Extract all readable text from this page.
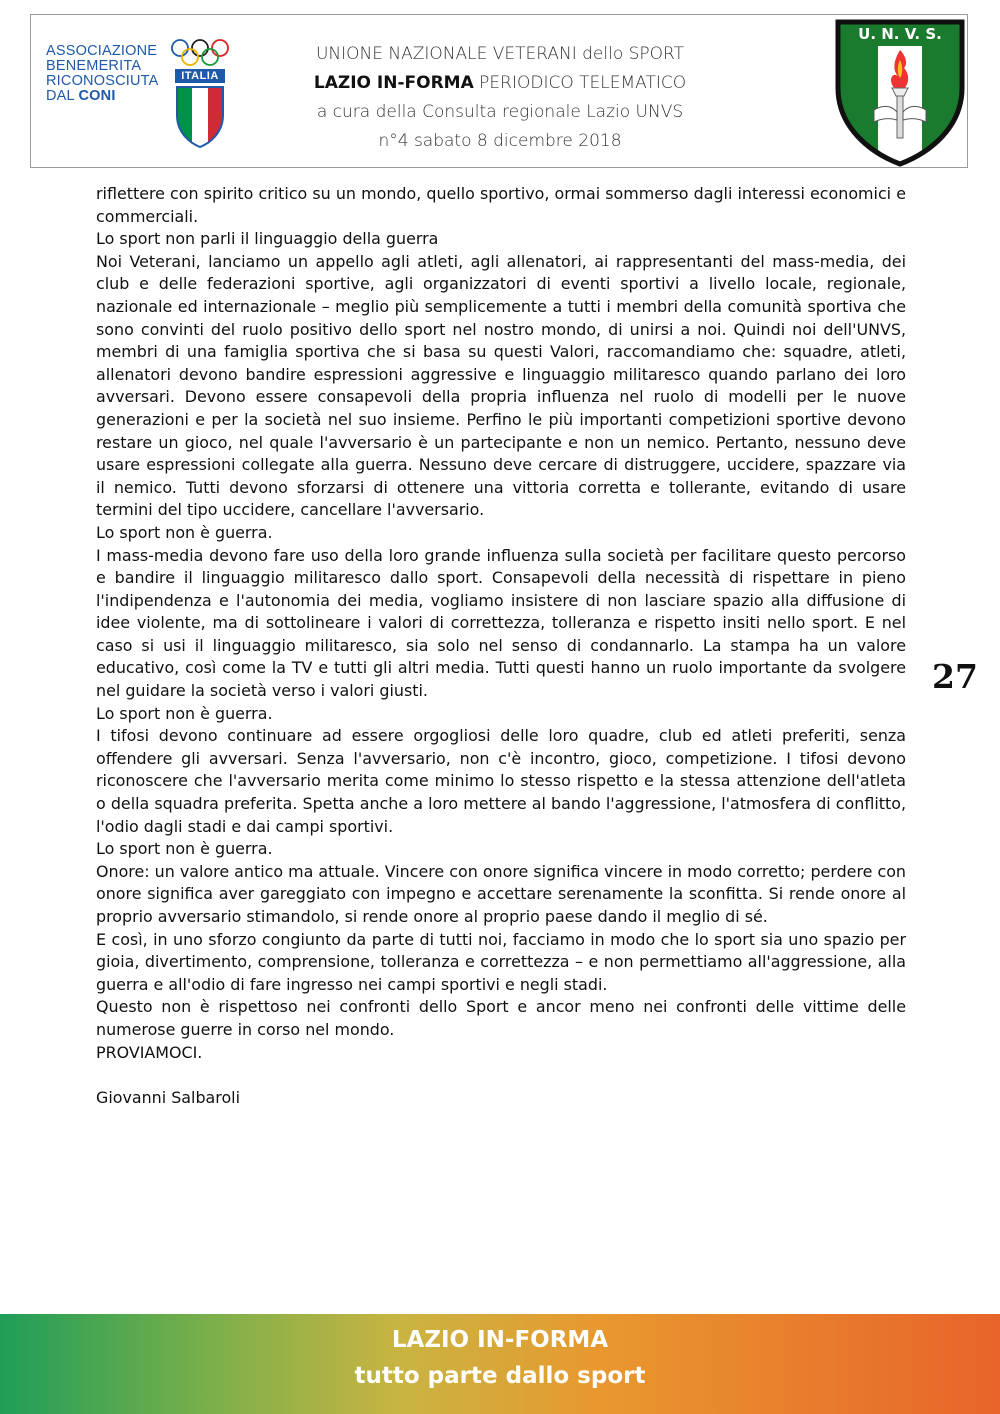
ASSOCIAZIONE
BENEMERITA
RICONOSCIUTA
DAL CONI
ITALIA
UNIONE NAZIONALE VETERANI dello SPORT
LAZIO IN-FORMA PERIODICO TELEMATICO
a cura della Consulta regionale Lazio UNVS
n°4 sabato 8 dicembre 2018
U. N. V. S.

riflettere con spirito critico su un mondo, quello sportivo, ormai sommerso dagli interessi economici e commerciali.

Lo sport non parli il linguaggio della guerra

Noi Veterani, lanciamo un appello agli atleti, agli allenatori, ai rappresentanti del mass-media, dei club e delle federazioni sportive, agli organizzatori di eventi sportivi a livello locale, regionale, nazionale ed internazionale – meglio più semplicemente a tutti i membri della comunità sportiva che sono convinti del ruolo positivo dello sport nel nostro mondo, di unirsi a noi. Quindi noi dell'UNVS, membri di una famiglia sportiva che si basa su questi Valori, raccomandiamo che: squadre, atleti, allenatori devono bandire espressioni aggressive e linguaggio militaresco quando parlano dei loro avversari. Devono essere consapevoli della propria influenza nel ruolo di modelli per le nuove generazioni e per la società nel suo insieme. Perfino le più importanti competizioni sportive devono restare un gioco, nel quale l'avversario è un partecipante e non un nemico. Pertanto, nessuno deve usare espressioni collegate alla guerra. Nessuno deve cercare di distruggere, uccidere, spazzare via il nemico. Tutti devono sforzarsi di ottenere una vittoria corretta e tollerante, evitando di usare termini del tipo uccidere, cancellare l'avversario.

Lo sport non è guerra.

I mass-media devono fare uso della loro grande influenza sulla società per facilitare questo percorso e bandire il linguaggio militaresco dallo sport. Consapevoli della necessità di rispettare in pieno l'indipendenza e l'autonomia dei media, vogliamo insistere di non lasciare spazio alla diffusione di idee violente, ma di sottolineare i valori di correttezza, tolleranza e rispetto insiti nello sport. E nel caso si usi il linguaggio militaresco, sia solo nel senso di condannarlo. La stampa ha un valore educativo, così come la TV e tutti gli altri media. Tutti questi hanno un ruolo importante da svolgere nel guidare la società verso i valori giusti.

Lo sport non è guerra.

I tifosi devono continuare ad essere orgogliosi delle loro quadre, club ed atleti preferiti, senza offendere gli avversari. Senza l'avversario, non c'è incontro, gioco, competizione. I tifosi devono riconoscere che l'avversario merita come minimo lo stesso rispetto e la stessa attenzione dell'atleta o della squadra preferita. Spetta anche a loro mettere al bando l'aggressione, l'atmosfera di conflitto, l'odio dagli stadi e dai campi sportivi.

Lo sport non è guerra.

Onore: un valore antico ma attuale. Vincere con onore significa vincere in modo corretto; perdere con onore significa aver gareggiato con impegno e accettare serenamente la sconfitta. Si rende onore al proprio avversario stimandolo, si rende onore al proprio paese dando il meglio di sé.

E così, in uno sforzo congiunto da parte di tutti noi, facciamo in modo che lo sport sia uno spazio per gioia, divertimento, comprensione, tolleranza e correttezza – e non permettiamo all'aggressione, alla guerra e all'odio di fare ingresso nei campi sportivi e negli stadi.

Questo non è rispettoso nei confronti dello Sport e ancor meno nei confronti delle vittime delle numerose guerre in corso nel mondo.

PROVIAMOCI.

Giovanni Salbaroli

27
LAZIO IN-FORMA
tutto parte dallo sport
